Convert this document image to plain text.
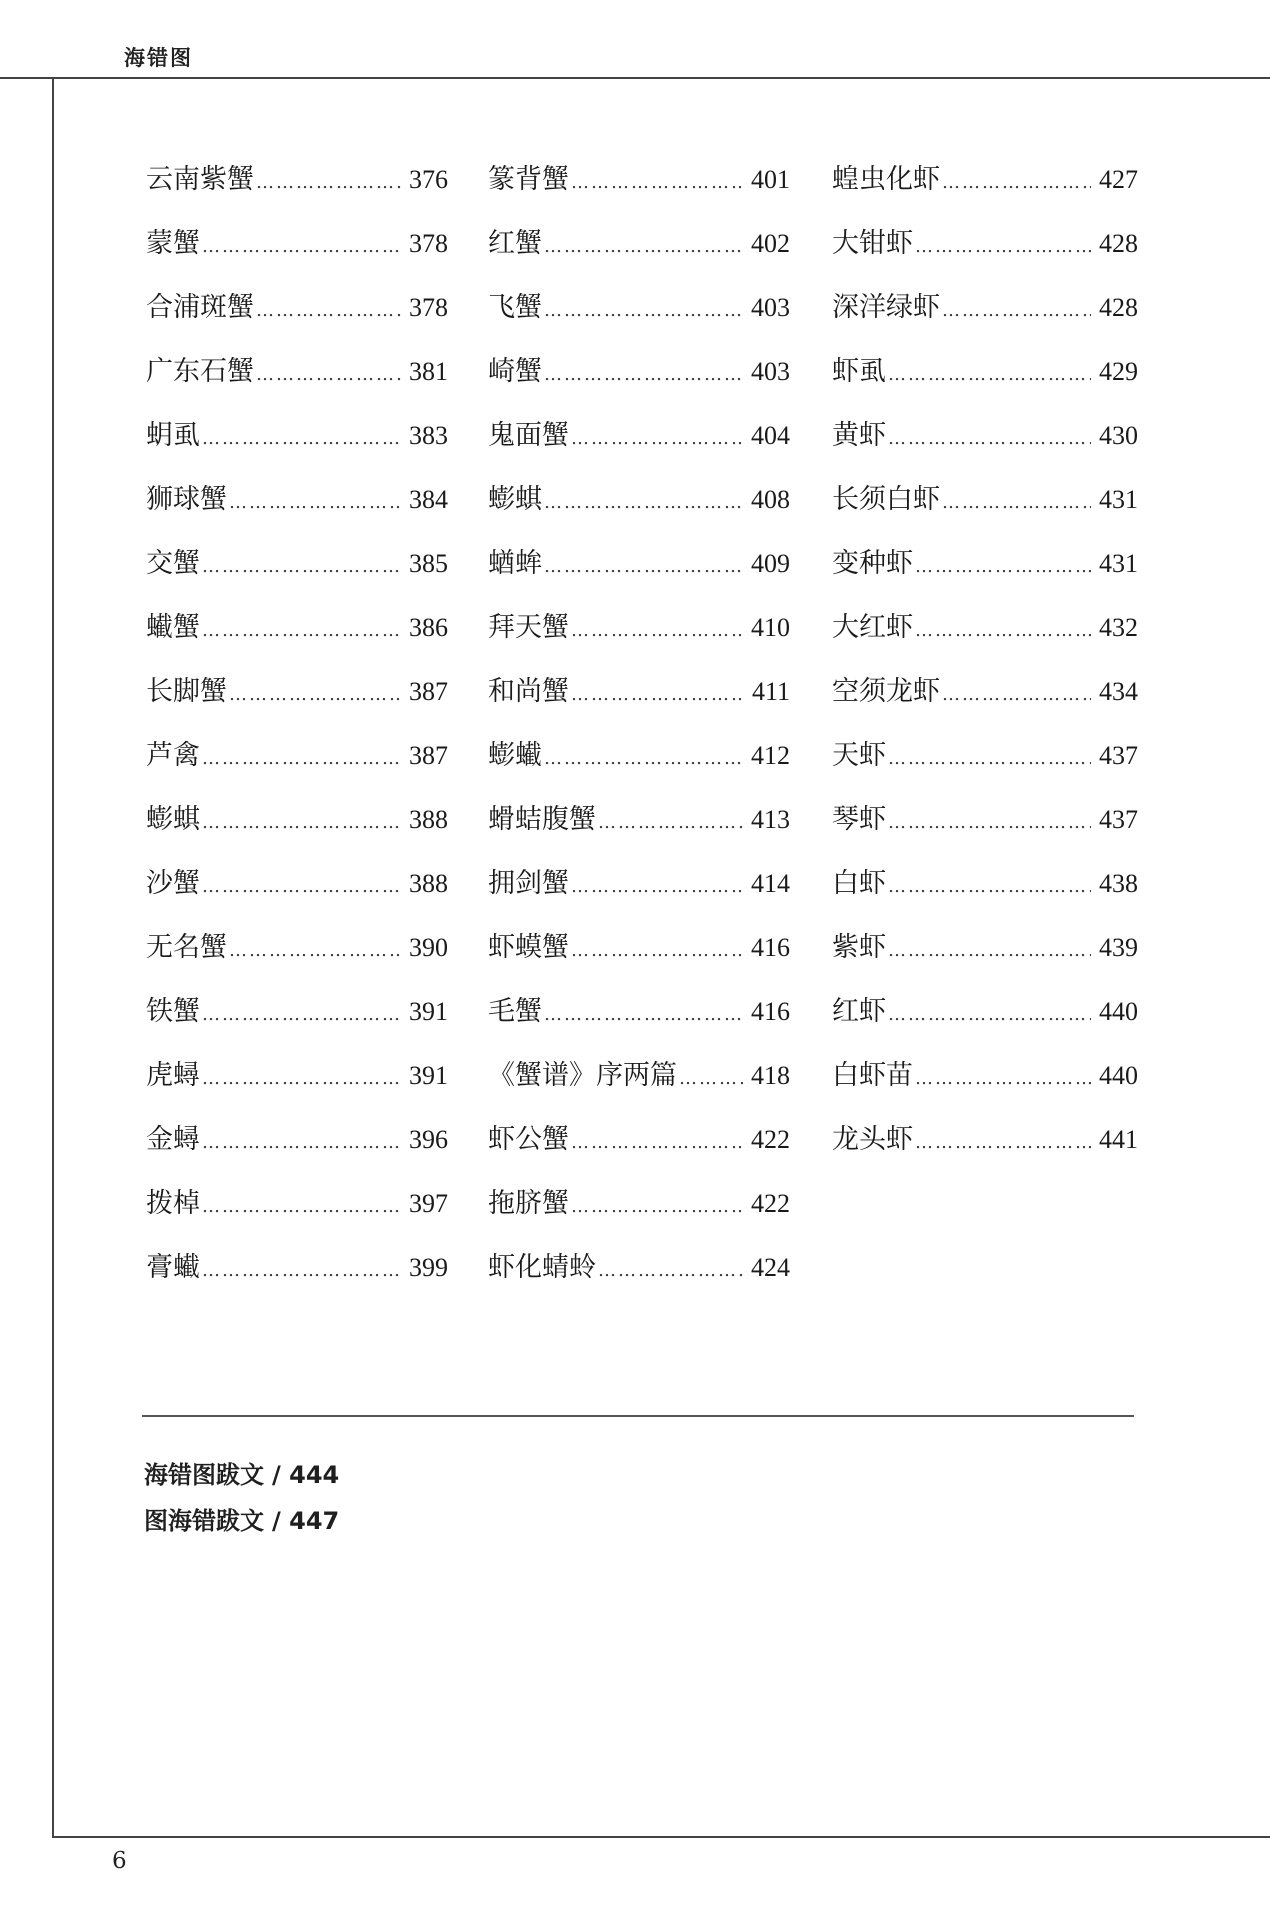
海错图
云南紫蟹 ……………………………………………………………………………………………	376
蒙蟹 ……………………………………………………………………………………………	378
合浦斑蟹 ……………………………………………………………………………………………	378
广东石蟹 ……………………………………………………………………………………………	381
蚏虱 ……………………………………………………………………………………………	383
狮球蟹 ……………………………………………………………………………………………	384
交蟹 ……………………………………………………………………………………………	385
蠘蟹 ……………………………………………………………………………………………	386
长脚蟹 ……………………………………………………………………………………………	387
芦禽 ……………………………………………………………………………………………	387
蟛蜞 ……………………………………………………………………………………………	388
沙蟹 ……………………………………………………………………………………………	388
无名蟹 ……………………………………………………………………………………………	390
铁蟹 ……………………………………………………………………………………………	391
虎蟳 ……………………………………………………………………………………………	391
金蟳 ……………………………………………………………………………………………	396
拨棹 ……………………………………………………………………………………………	397
膏蠘 ……………………………………………………………………………………………	399
篆背蟹 ……………………………………………………………………………………………	401
红蟹 ……………………………………………………………………………………………	402
飞蟹 ……………………………………………………………………………………………	403
崎蟹 ……………………………………………………………………………………………	403
鬼面蟹 ……………………………………………………………………………………………	404
蟛蜞 ……………………………………………………………………………………………	408
蝤蛑 ……………………………………………………………………………………………	409
拜天蟹 ……………………………………………………………………………………………	410
和尚蟹 ……………………………………………………………………………………………	411
蟛蠘 ……………………………………………………………………………………………	412
螖蛣腹蟹 ……………………………………………………………………………………………	413
拥剑蟹 ……………………………………………………………………………………………	414
虾蟆蟹 ……………………………………………………………………………………………	416
毛蟹 ……………………………………………………………………………………………	416
《蟹谱》序两篇 ……………………………………………………………………………………………	418
虾公蟹 ……………………………………………………………………………………………	422
拖脐蟹 ……………………………………………………………………………………………	422
虾化蜻蛉 ……………………………………………………………………………………………	424
蝗虫化虾 ……………………………………………………………………………………………	427
大钳虾 ……………………………………………………………………………………………	428
深洋绿虾 ……………………………………………………………………………………………	428
虾虱 ……………………………………………………………………………………………	429
黄虾 ……………………………………………………………………………………………	430
长须白虾 ……………………………………………………………………………………………	431
变种虾 ……………………………………………………………………………………………	431
大红虾 ……………………………………………………………………………………………	432
空须龙虾 ……………………………………………………………………………………………	434
天虾 ……………………………………………………………………………………………	437
琴虾 ……………………………………………………………………………………………	437
白虾 ……………………………………………………………………………………………	438
紫虾 ……………………………………………………………………………………………	439
红虾 ……………………………………………………………………………………………	440
白虾苗 ……………………………………………………………………………………………	440
龙头虾 ……………………………………………………………………………………………	441
海错图跋文 / 444
图海错跋文 / 447
6
